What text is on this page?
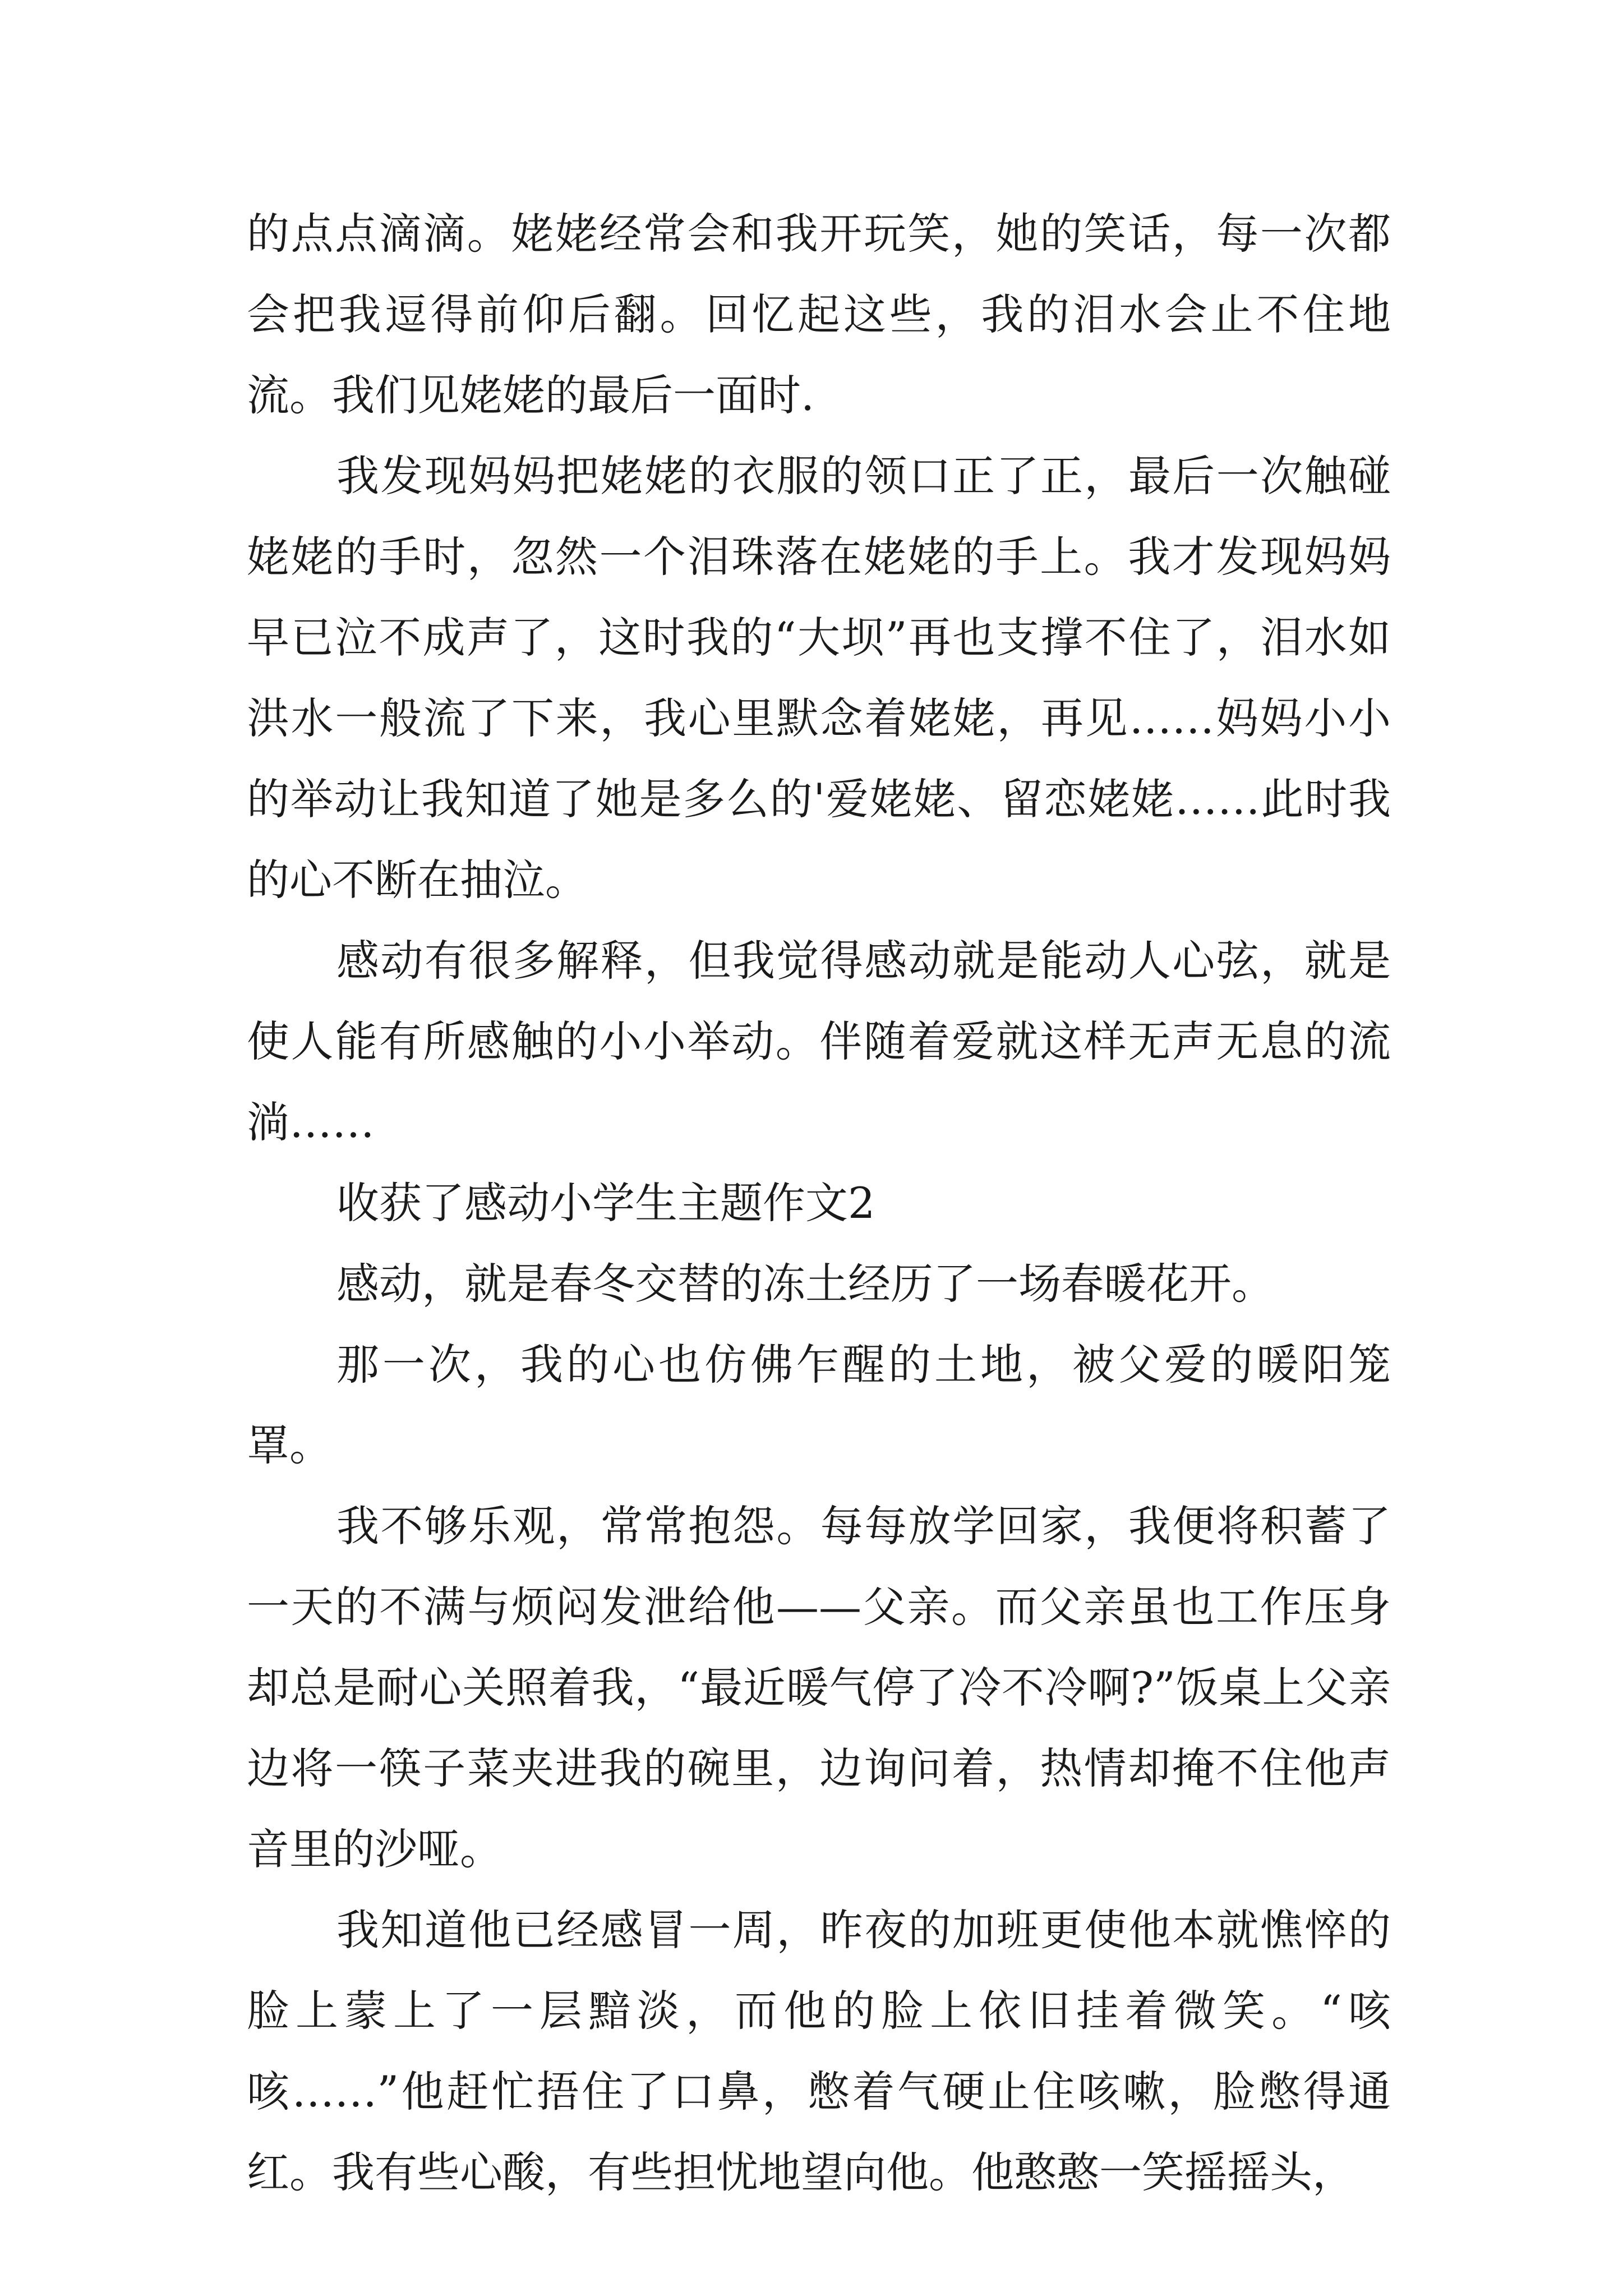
的点点滴滴。姥姥经常会和我开玩笑，她的笑话，每一次都会把我逗得前仰后翻。回忆起这些，我的泪水会止不住地流。我们见姥姥的最后一面时.

我发现妈妈把姥姥的衣服的领口正了正，最后一次触碰姥姥的手时，忽然一个泪珠落在姥姥的手上。我才发现妈妈早已泣不成声了，这时我的“大坝”再也支撑不住了，泪水如洪水一般流了下来，我心里默念着姥姥，再见……妈妈小小的举动让我知道了她是多么的'爱姥姥、留恋姥姥……此时我的心不断在抽泣。

感动有很多解释，但我觉得感动就是能动人心弦，就是使人能有所感触的小小举动。伴随着爱就这样无声无息的流淌……

收获了感动小学生主题作文2

感动，就是春冬交替的冻土经历了一场春暖花开。

那一次，我的心也仿佛乍醒的土地，被父爱的暖阳笼罩。

我不够乐观，常常抱怨。每每放学回家，我便将积蓄了一天的不满与烦闷发泄给他——父亲。而父亲虽也工作压身却总是耐心关照着我，“最近暖气停了冷不冷啊?”饭桌上父亲边将一筷子菜夹进我的碗里，边询问着，热情却掩不住他声音里的沙哑。

我知道他已经感冒一周，昨夜的加班更使他本就憔悴的脸上蒙上了一层黯淡，而他的脸上依旧挂着微笑。“咳咳……”他赶忙捂住了口鼻，憋着气硬止住咳嗽，脸憋得通红。我有些心酸，有些担忧地望向他。他憨憨一笑摇摇头，
